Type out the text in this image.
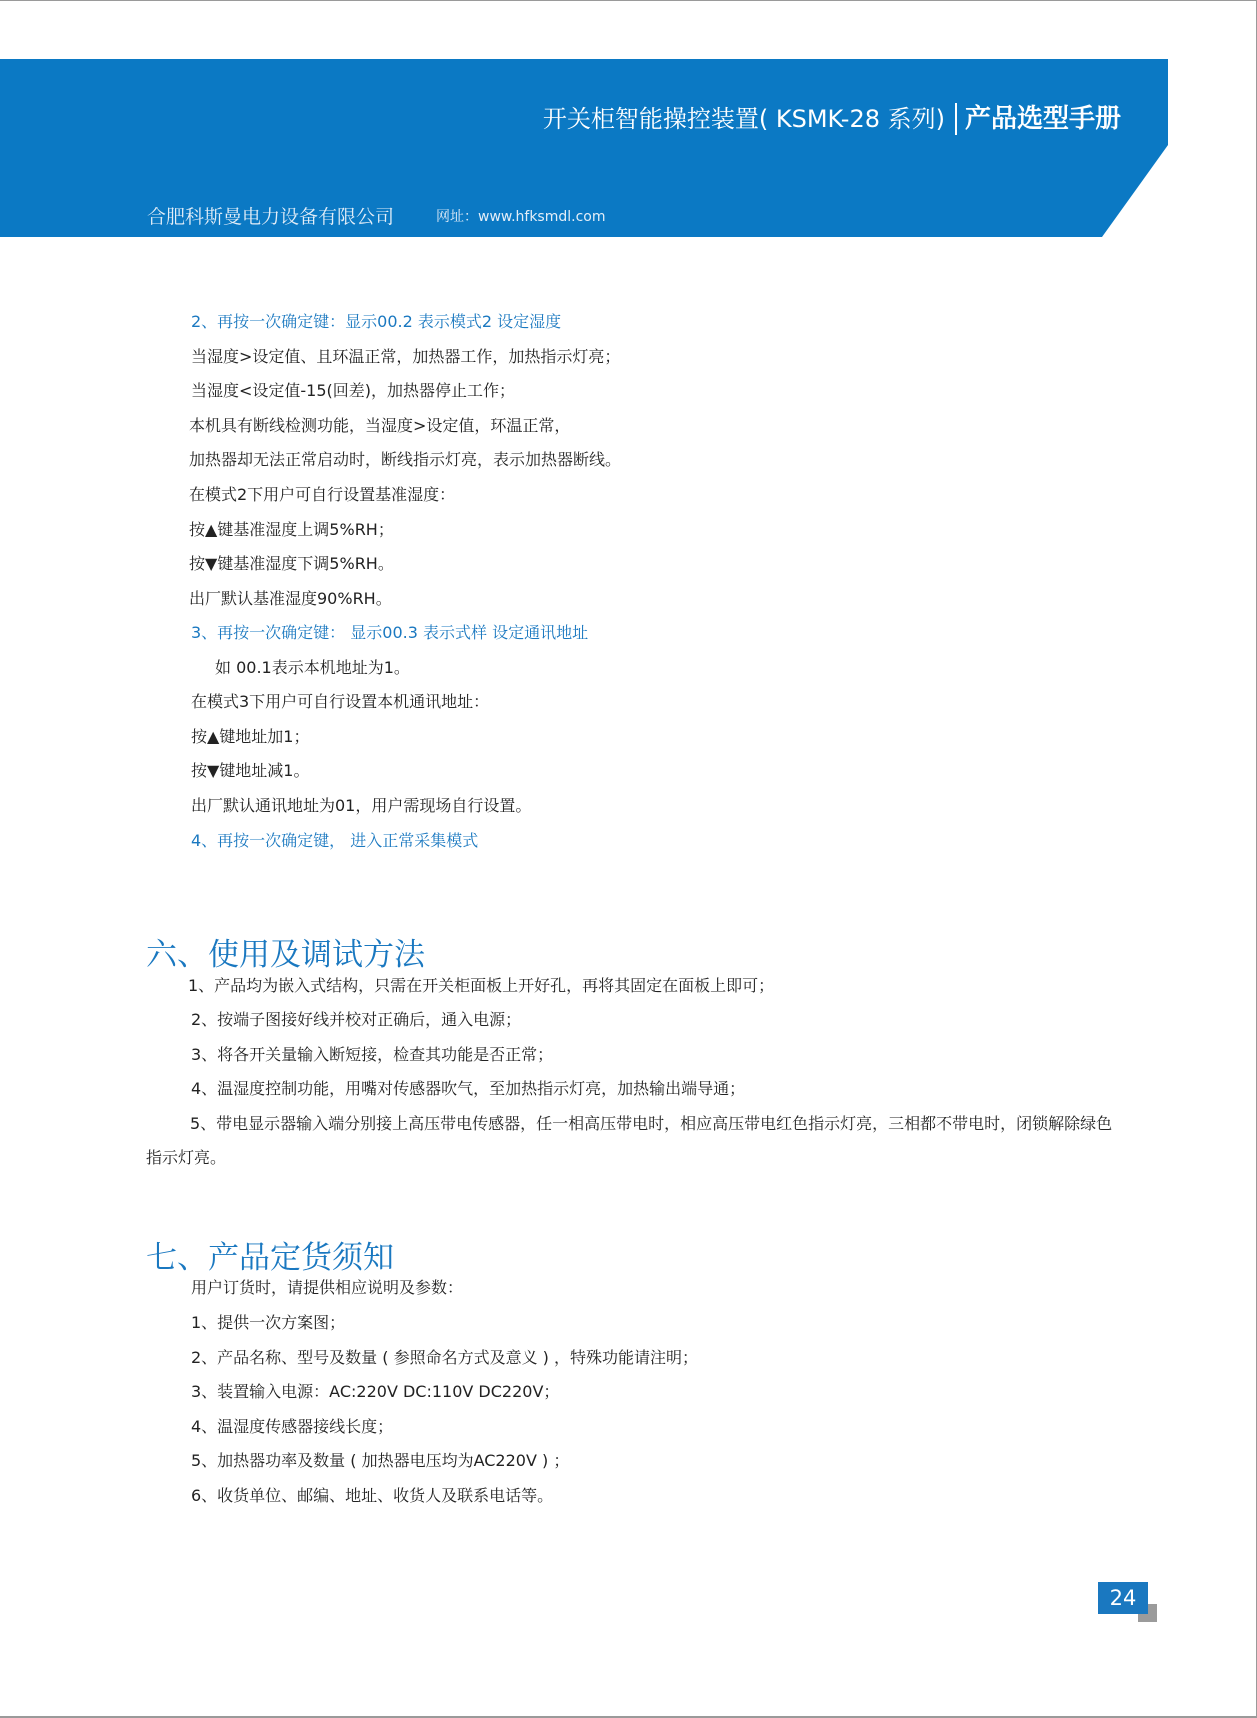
开关柜智能操控装置( KSMK-28 系列) 产品选型手册
合肥科斯曼电力设备有限公司	网址：www.hfksmdl.com
2、再按一次确定键：显示00.2 表示模式2 设定湿度
当湿度>设定值、且环温正常，加热器工作，加热指示灯亮；
当湿度<设定值-15(回差)，加热器停止工作；
本机具有断线检测功能，当湿度>设定值，环温正常，
加热器却无法正常启动时，断线指示灯亮，表示加热器断线。
在模式2下用户可自行设置基准湿度：
按▲键基准湿度上调5%RH；
按▼键基准湿度下调5%RH。
出厂默认基准湿度90%RH。
3、再按一次确定键： 显示00.3 表示式样 设定通讯地址
如 00.1表示本机地址为1。
在模式3下用户可自行设置本机通讯地址：
按▲键地址加1；
按▼键地址减1。
出厂默认通讯地址为01，用户需现场自行设置。
4、再按一次确定键， 进入正常采集模式
六、使用及调试方法
1、产品均为嵌入式结构，只需在开关柜面板上开好孔，再将其固定在面板上即可；
2、按端子图接好线并校对正确后，通入电源；
3、将各开关量输入断短接，检查其功能是否正常；
4、温湿度控制功能，用嘴对传感器吹气，至加热指示灯亮，加热输出端导通；
5、带电显示器输入端分别接上高压带电传感器，任一相高压带电时，相应高压带电红色指示灯亮，三相都不带电时，闭锁解除绿色指示灯亮。
七、产品定货须知
用户订货时，请提供相应说明及参数：
1、提供一次方案图；
2、产品名称、型号及数量 ( 参照命名方式及意义 ) ，特殊功能请注明；
3、装置输入电源：AC:220V DC:110V DC220V；
4、温湿度传感器接线长度；
5、加热器功率及数量 ( 加热器电压均为AC220V ) ；
6、收货单位、邮编、地址、收货人及联系电话等。
24
